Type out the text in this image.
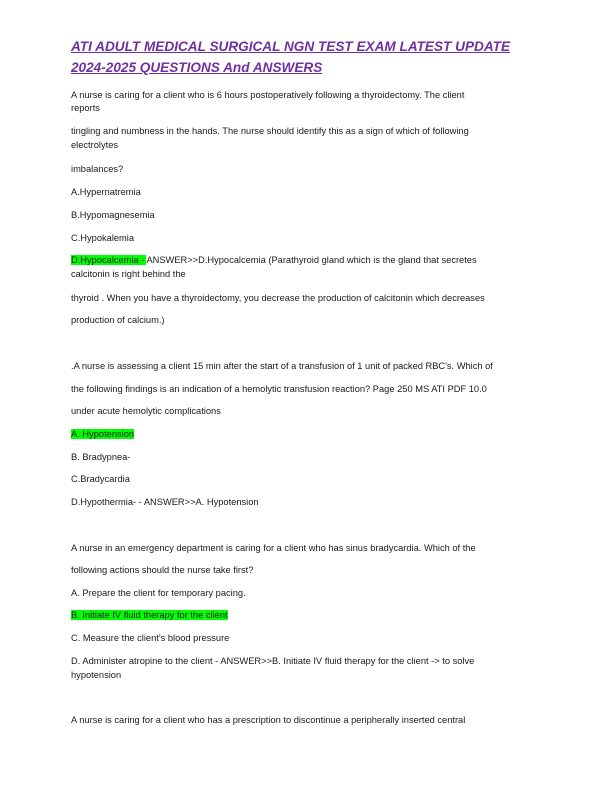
ATI ADULT MEDICAL SURGICAL NGN TEST EXAM LATEST UPDATE
2024-2025 QUESTIONS And ANSWERS
A nurse is caring for a client who is 6 hours postoperatively following a thyroidectomy. The client
reports
tingling and numbness in the hands. The nurse should identify this as a sign of which of following
electrolytes
imbalances?
A.Hypernatremia
B.Hypomagnesemia
C.Hypokalemia
D.Hypocalcemia - ANSWER>>D.Hypocalcemia (Parathyroid gland which is the gland that secretes
calcitonin is right behind the
thyroid . When you have a thyroidectomy, you decrease the production of calcitonin which decreases
production of calcium.)
.A nurse is assessing a client 15 min after the start of a transfusion of 1 unit of packed RBC's. Which of
the following findings is an indication of a hemolytic transfusion reaction? Page 250 MS ATI PDF 10.0
under acute hemolytic complications
A. Hypotension
B. Bradypnea-
C.Bradycardia
D.Hypothermia- - ANSWER>>A. Hypotension
A nurse in an emergency department is caring for a client who has sinus bradycardia. Which of the
following actions should the nurse take first?
A. Prepare the client for temporary pacing.
B. Initiate IV fluid therapy for the client
C. Measure the client's blood pressure
D. Administer atropine to the client - ANSWER>>B. Initiate IV fluid therapy for the client -> to solve
hypotension
A nurse is caring for a client who has a prescription to discontinue a peripherally inserted central
